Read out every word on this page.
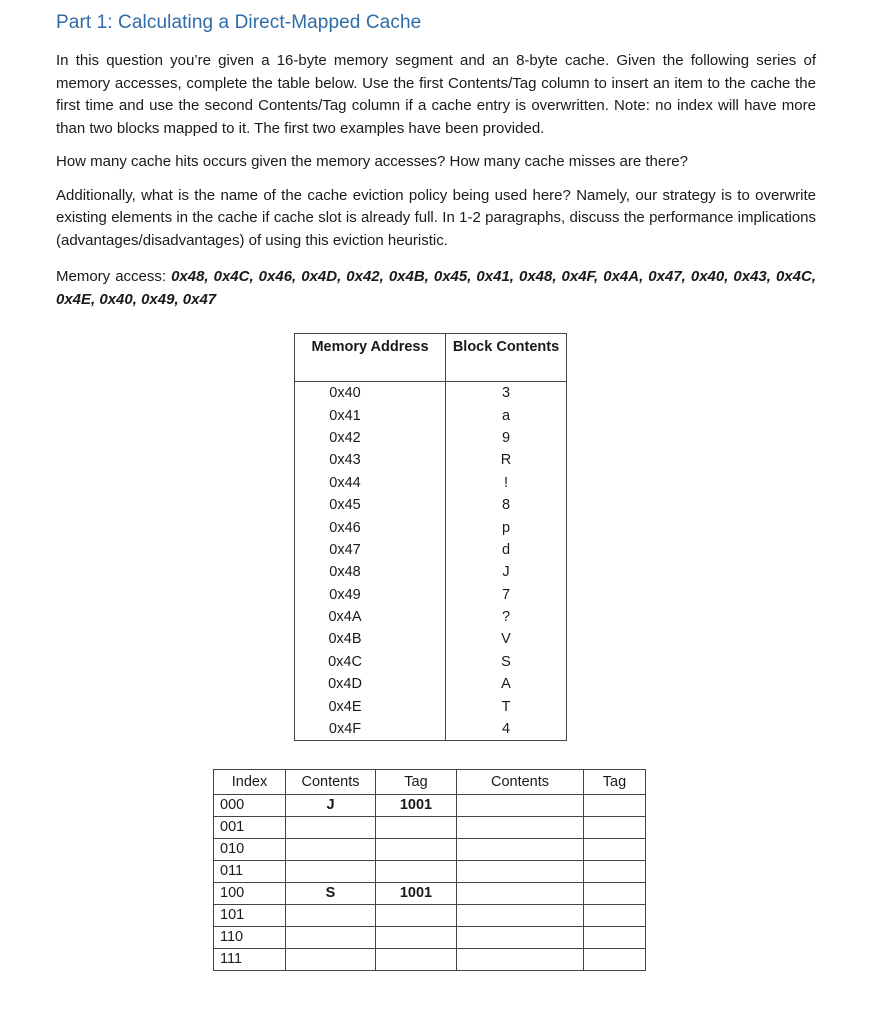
Part 1: Calculating a Direct-Mapped Cache

In this question you’re given a 16-byte memory segment and an 8-byte cache. Given the following series of memory accesses, complete the table below. Use the first Contents/Tag column to insert an item to the cache the first time and use the second Contents/Tag column if a cache entry is overwritten. Note: no index will have more than two blocks mapped to it. The first two examples have been provided.

How many cache hits occurs given the memory accesses? How many cache misses are there?

Additionally, what is the name of the cache eviction policy being used here? Namely, our strategy is to overwrite existing elements in the cache if cache slot is already full. In 1-2 paragraphs, discuss the performance implications (advantages/disadvantages) of using this eviction heuristic.

Memory access: 0x48, 0x4C, 0x46, 0x4D, 0x42, 0x4B, 0x45, 0x41, 0x48, 0x4F, 0x4A, 0x47, 0x40, 0x43, 0x4C, 0x4E, 0x40, 0x49, 0x47

Memory Address	Block Contents
0x40	3
0x41	a
0x42	9
0x43	R
0x44	!
0x45	8
0x46	p
0x47	d
0x48	J
0x49	7
0x4A	?
0x4B	V
0x4C	S
0x4D	A
0x4E	T
0x4F	4
Index	Contents	Tag	Contents	Tag
000	J	1001		
001				
010				
011				
100	S	1001		
101				
110				
111				
